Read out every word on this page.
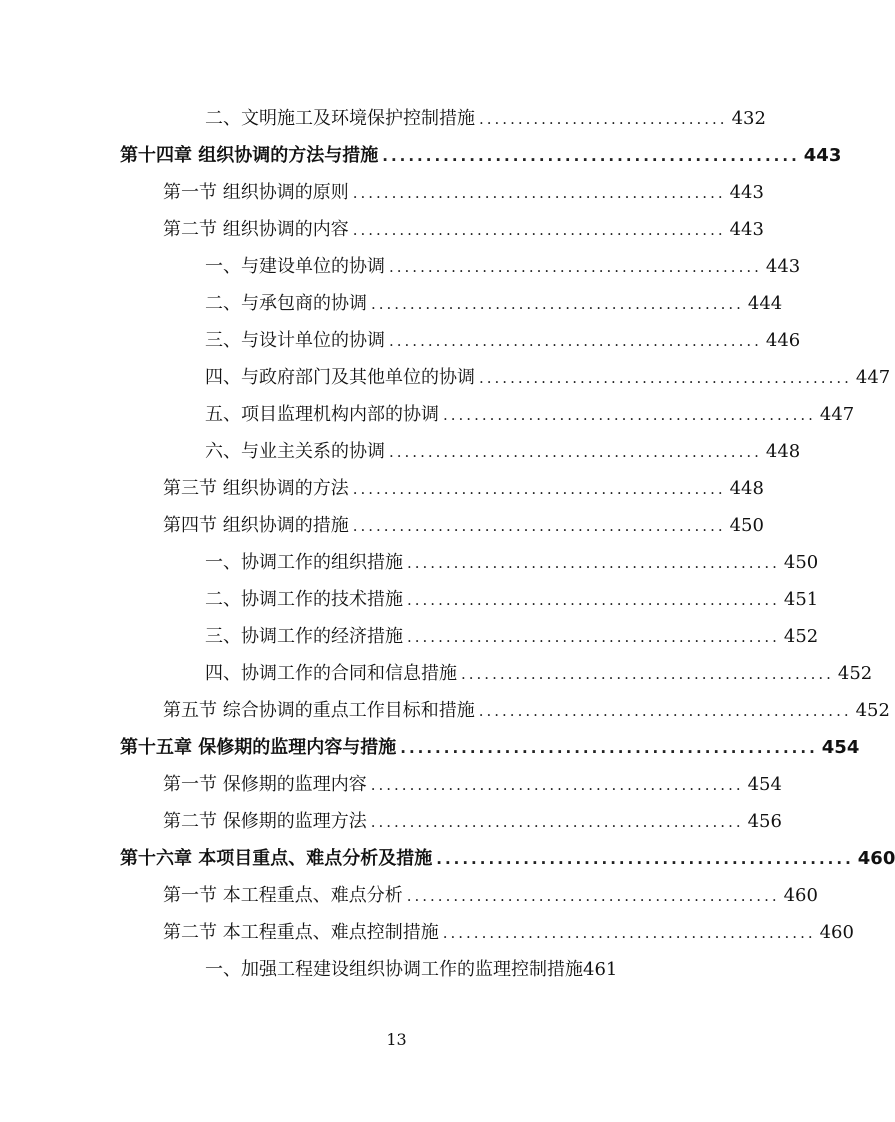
二、文明施工及环境保护控制措施 ................................ 432
第十四章 组织协调的方法与措施 ................................................ 443
第一节 组织协调的原则 ................................................ 443
第二节 组织协调的内容 ................................................ 443
一、与建设单位的协调 ................................................ 443
二、与承包商的协调 ................................................ 444
三、与设计单位的协调 ................................................ 446
四、与政府部门及其他单位的协调 ................................................ 447
五、项目监理机构内部的协调 ................................................ 447
六、与业主关系的协调 ................................................ 448
第三节 组织协调的方法 ................................................ 448
第四节 组织协调的措施 ................................................ 450
一、协调工作的组织措施 ................................................ 450
二、协调工作的技术措施 ................................................ 451
三、协调工作的经济措施 ................................................ 452
四、协调工作的合同和信息措施 ................................................ 452
第五节 综合协调的重点工作目标和措施 ................................................ 452
第十五章 保修期的监理内容与措施 ................................................ 454
第一节 保修期的监理内容 ................................................ 454
第二节 保修期的监理方法 ................................................ 456
第十六章 本项目重点、难点分析及措施 ................................................ 460
第一节 本工程重点、难点分析 ................................................ 460
第二节 本工程重点、难点控制措施 ................................................ 460
一、加强工程建设组织协调工作的监理控制措施 461
13
